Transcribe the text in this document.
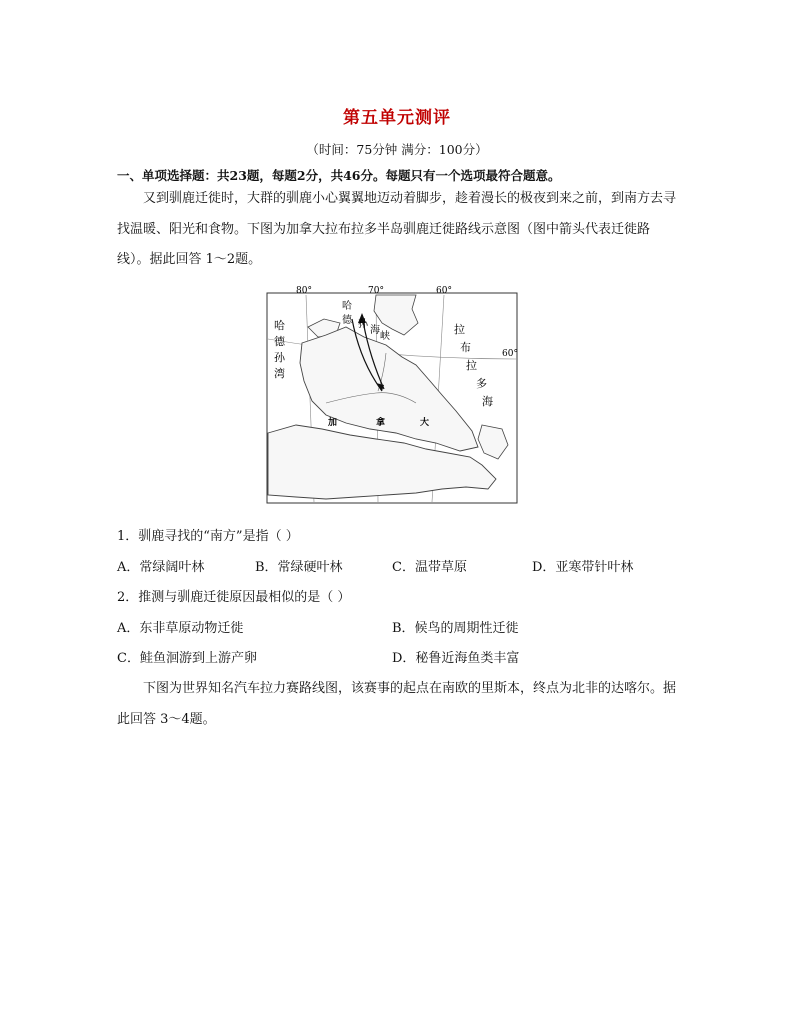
第五单元测评
（时间：75分钟 满分：100分）
一、单项选择题：共23题，每题2分，共46分。每题只有一个选项最符合题意。

又到驯鹿迁徙时，大群的驯鹿小心翼翼地迈动着脚步，趁着漫长的极夜到来之前，到南方去寻找温暖、阳光和食物。下图为加拿大拉布拉多半岛驯鹿迁徙路线示意图（图中箭头代表迁徙路线）。据此回答 1～2题。

80°	70°	60°
60°
哈
德
孙
湾
哈
德 孙
海
峡
拉
布
拉
多
海
加	拿	大
1．驯鹿寻找的“南方”是指（ ）
A．常绿阔叶林	B．常绿硬叶林	C．温带草原	D．亚寒带针叶林
2．推测与驯鹿迁徙原因最相似的是（ ）
A．东非草原动物迁徙	B．候鸟的周期性迁徙
C．鲑鱼洄游到上游产卵	D．秘鲁近海鱼类丰富

下图为世界知名汽车拉力赛路线图，该赛事的起点在南欧的里斯本，终点为北非的达喀尔。据此回答 3～4题。
